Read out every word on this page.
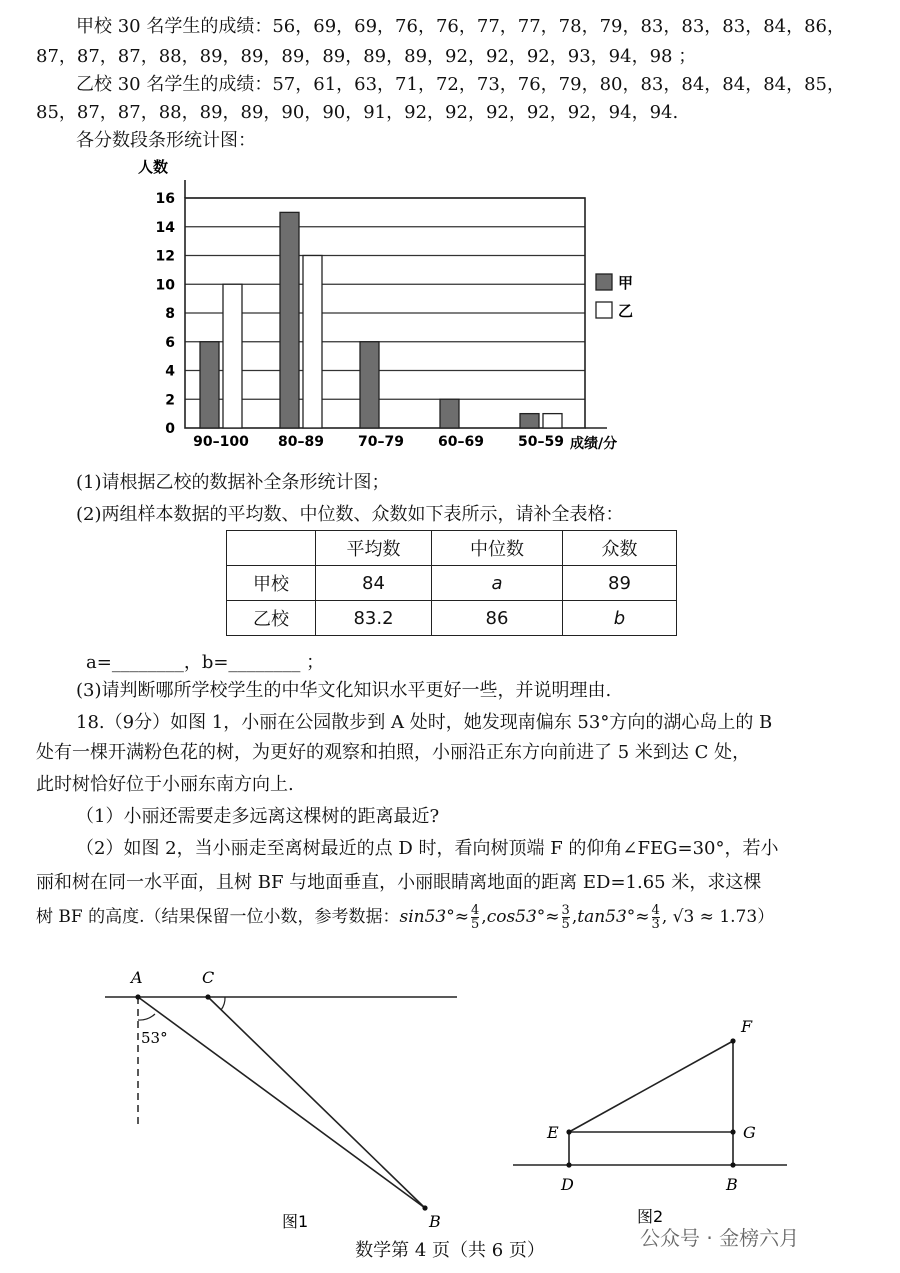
甲校 30 名学生的成绩：56，69，69，76，76，77，77，78，79，83，83，83，84，86，
87，87，87，88，89，89，89，89，89，89，92，92，92，93，94，98 ；
乙校 30 名学生的成绩：57，61，63，71，72，73，76，79，80，83，84，84，84，85，
85，87，87，88，89，89，90，90，91，92，92，92，92，92，94，94.
各分数段条形统计图：
0
2
4
6
8
10
12
14
16
90–100 80–89 70–79 60–69 50–59
人数
成绩/分
甲
乙
(1)请根据乙校的数据补全条形统计图；
(2)两组样本数据的平均数、中位数、众数如下表所示，请补全表格：
	平均数	中位数	众数
甲校	84	a	89
乙校	83.2	86	b
a=________，b=________ ；
(3)请判断哪所学校学生的中华文化知识水平更好一些，并说明理由.
18.（9分）如图 1，小丽在公园散步到 A 处时，她发现南偏东 53°方向的湖心岛上的 B
处有一棵开满粉色花的树，为更好的观察和拍照，小丽沿正东方向前进了 5 米到达 C 处，
此时树恰好位于小丽东南方向上.
（1）小丽还需要走多远离这棵树的距离最近?
（2）如图 2，当小丽走至离树最近的点 D 时，看向树顶端 F 的仰角∠FEG=30°，若小
丽和树在同一水平面，且树 BF 与地面垂直，小丽眼睛离地面的距离 ED=1.65 米，求这棵
树 BF 的高度.（结果保留一位小数，参考数据：$\sin 53^\circ\approx \frac{4}{5} ,\cos 53^\circ\approx \frac{3}{5} ,\tan 53^\circ\approx \frac{4}{3}$ , √3 ≈ 1.73）
A	C
B
53°
图1
F
E	G
D	B
图2
数学第 4 页（共 6 页）
公众号 · 金榜六月
